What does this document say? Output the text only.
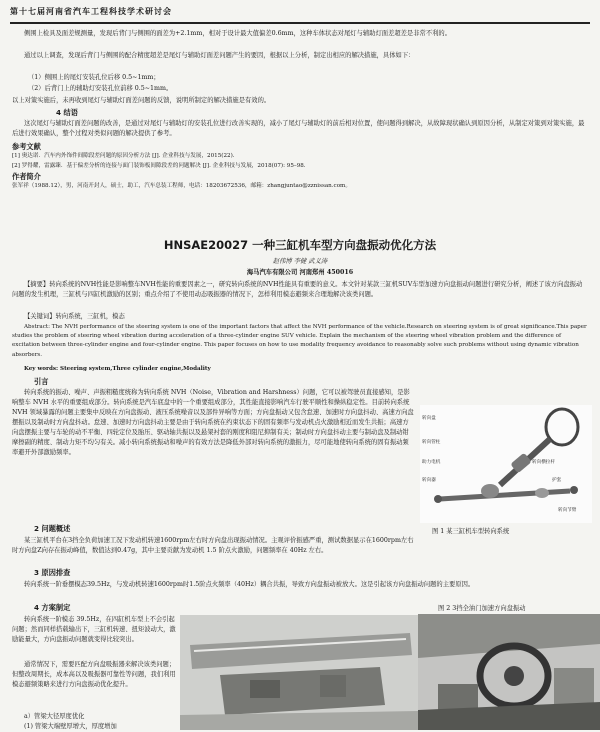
第十七届河南省汽车工程科技学术研讨会

侧围上检具及面差规测量，发现后背门与侧围的面差为+2.1mm，相对于设计最大值偏差0.6mm，这种车体状态对尾灯与辅助灯面差超差是非常不利的。

通过以上调查，发现后背门与侧围的配合精度超差是尾灯与辅助灯面差问题产生的要因，根据以上分析，制定出相应的解决措施，具体如下：

（1）侧围上的尾灯安装孔位后移 0.5~1mm；

（2）后背门上的辅助灯安装孔位前移 0.5~1mm。

以上对策实施后，未再收到尾灯与辅助灯面差问题的反馈，说明所制定的解决措施是有效的。

4 结语

这次尾灯与辅助灯面差问题的改善，是通过对尾灯与辅助灯的安装孔位进行改善实现的，减小了尾灯与辅助灯的前后相对位置，使问题得到解决，从故障现状确认到原因分析，从制定对策到对策实施，最后进行效果确认，整个过程对类似问题的解决提供了参考。

参考文献

[1] 奥达诺．汽车内外饰件间隙段差问题的原因分析方法 [J]. 企业科技与发展，2015(22).

[2] 罗得耀，雷露臻．基于偏差分析的连接与面门装饰板间隙段差的问题解决 [J]. 企业科技与发展，2018(07): 95–98.

作者简介

张军祥（1988.12），男，河南开封人，硕士，助工，汽车总装工程师，电话：18203672536，邮箱：zhangjuntao@zznissan.com。

HNSAE20027 一种三缸机车型方向盘振动优化方法
赵伟博 李健 武义涛
海马汽车有限公司 河南郑州 450016

【摘要】转向系统的NVH性能是影响整车NVH性能的重要因素之一，研究转向系统的NVH性能具有重要的意义。本文针对某款三缸机SUV车型加速方向盘振动问题进行研究分析，阐述了该方向盘振动问题的发生机理，三缸机与四缸机激励的区别；重点介绍了不使用动态吸振器的情况下，怎样利用模态避频来合理地解决该类问题。

【关键词】转向系统，三缸机，模态

Abstract: The NVH performance of the steering system is one of the important factors that affect the NVH performance of the vehicle.Research on steering system is of great significance.This paper studies the problem of steering wheel vibration during acceleration of a three-cylinder engine SUV vehicle. Explain the mechanism of the steering wheel vibration problem and the difference of excitation between three-cylinder engine and four-cylinder engine. This paper focuses on how to use modality frequency avoidance to reasonably solve such problems without using dynamic vibration absorbers.

Key words: Steering system,Three cylinder engine,Modality

引言

转向系统的振动、噪声、声振粗糙度统称为转向系统 NVH（Noise，Vibration and Harshness）问题，它可以被驾驶员直接感知，是影响整车 NVH 水平的重要组成部分。转向系统是汽车底盘中的一个重要组成部分，其性能直接影响汽车行驶平顺性和操纵稳定性。目前转向系统 NVH 领域暴露的问题主要集中反映在方向盘振动、液压系统噪音以及部件异响等方面；方向盘振动又包含怠速、加速时方向盘抖动、高速方向盘摆振以及制动时方向盘抖动。怠速、加速时方向盘抖动主要是由于转向系统在约束状态下的固有频率与发动机点火激励相近而发生共振；高速方向盘摆振主要与车轮的动不平衡、四轮定位及胎压、驱动轴共振以及悬架衬套的刚度和阻尼抑制有关；制动时方向盘抖动主要与制动盘及制动钳摩擦副的精度、制动力矩不均匀有关。减小转向系统振动和噪声的有效方法是降低外部对转向系统的激振力，尽可能地使转向系统的固有振动频率避开外部激励频率。

转向盘
转向管柱
助力电机
转向器
转向横拉杆
护套
转向节臂
图 1 某三缸机车型转向系统
2 问题概述

某三缸机平台在3挡全负荷加速工况下发动机转速1600rpm左右时方向盘出现振动情况。主观评价振感严重，测试数据显示在1600rpm左右时方向盘Z向存在振动峰值，数值达到0.47g，其中主要贡献为发动机 1.5 阶点火激励，问题频率在 40Hz 左右。

3 原因排查

转向系统一阶垂摆模态39.5Hz，与发动机转速1600rpm时1.5阶点火频率（40Hz）耦合共振，导致方向盘振动被放大。这是引起该方向盘振动问题的主要原因。

4 方案制定

转向系统一阶模态 39.5Hz，在四缸机车型上不会引起问题；然而同样搭载输出下，三缸机转速、扭矩波动大，激励能量大，方向盘振动问题就变得比较突出。

通常情况下，需要匹配方向盘吸振器来解决该类问题；但整改周期长，成本高以及吸振器可靠性等问题，我们利用模态避频策略来进行方向盘振动优化提升。

a）管梁大径厚度优化
(1) 管梁大端壁厚增大，厚度增加
图 2 3挡全油门加速方向盘振动
